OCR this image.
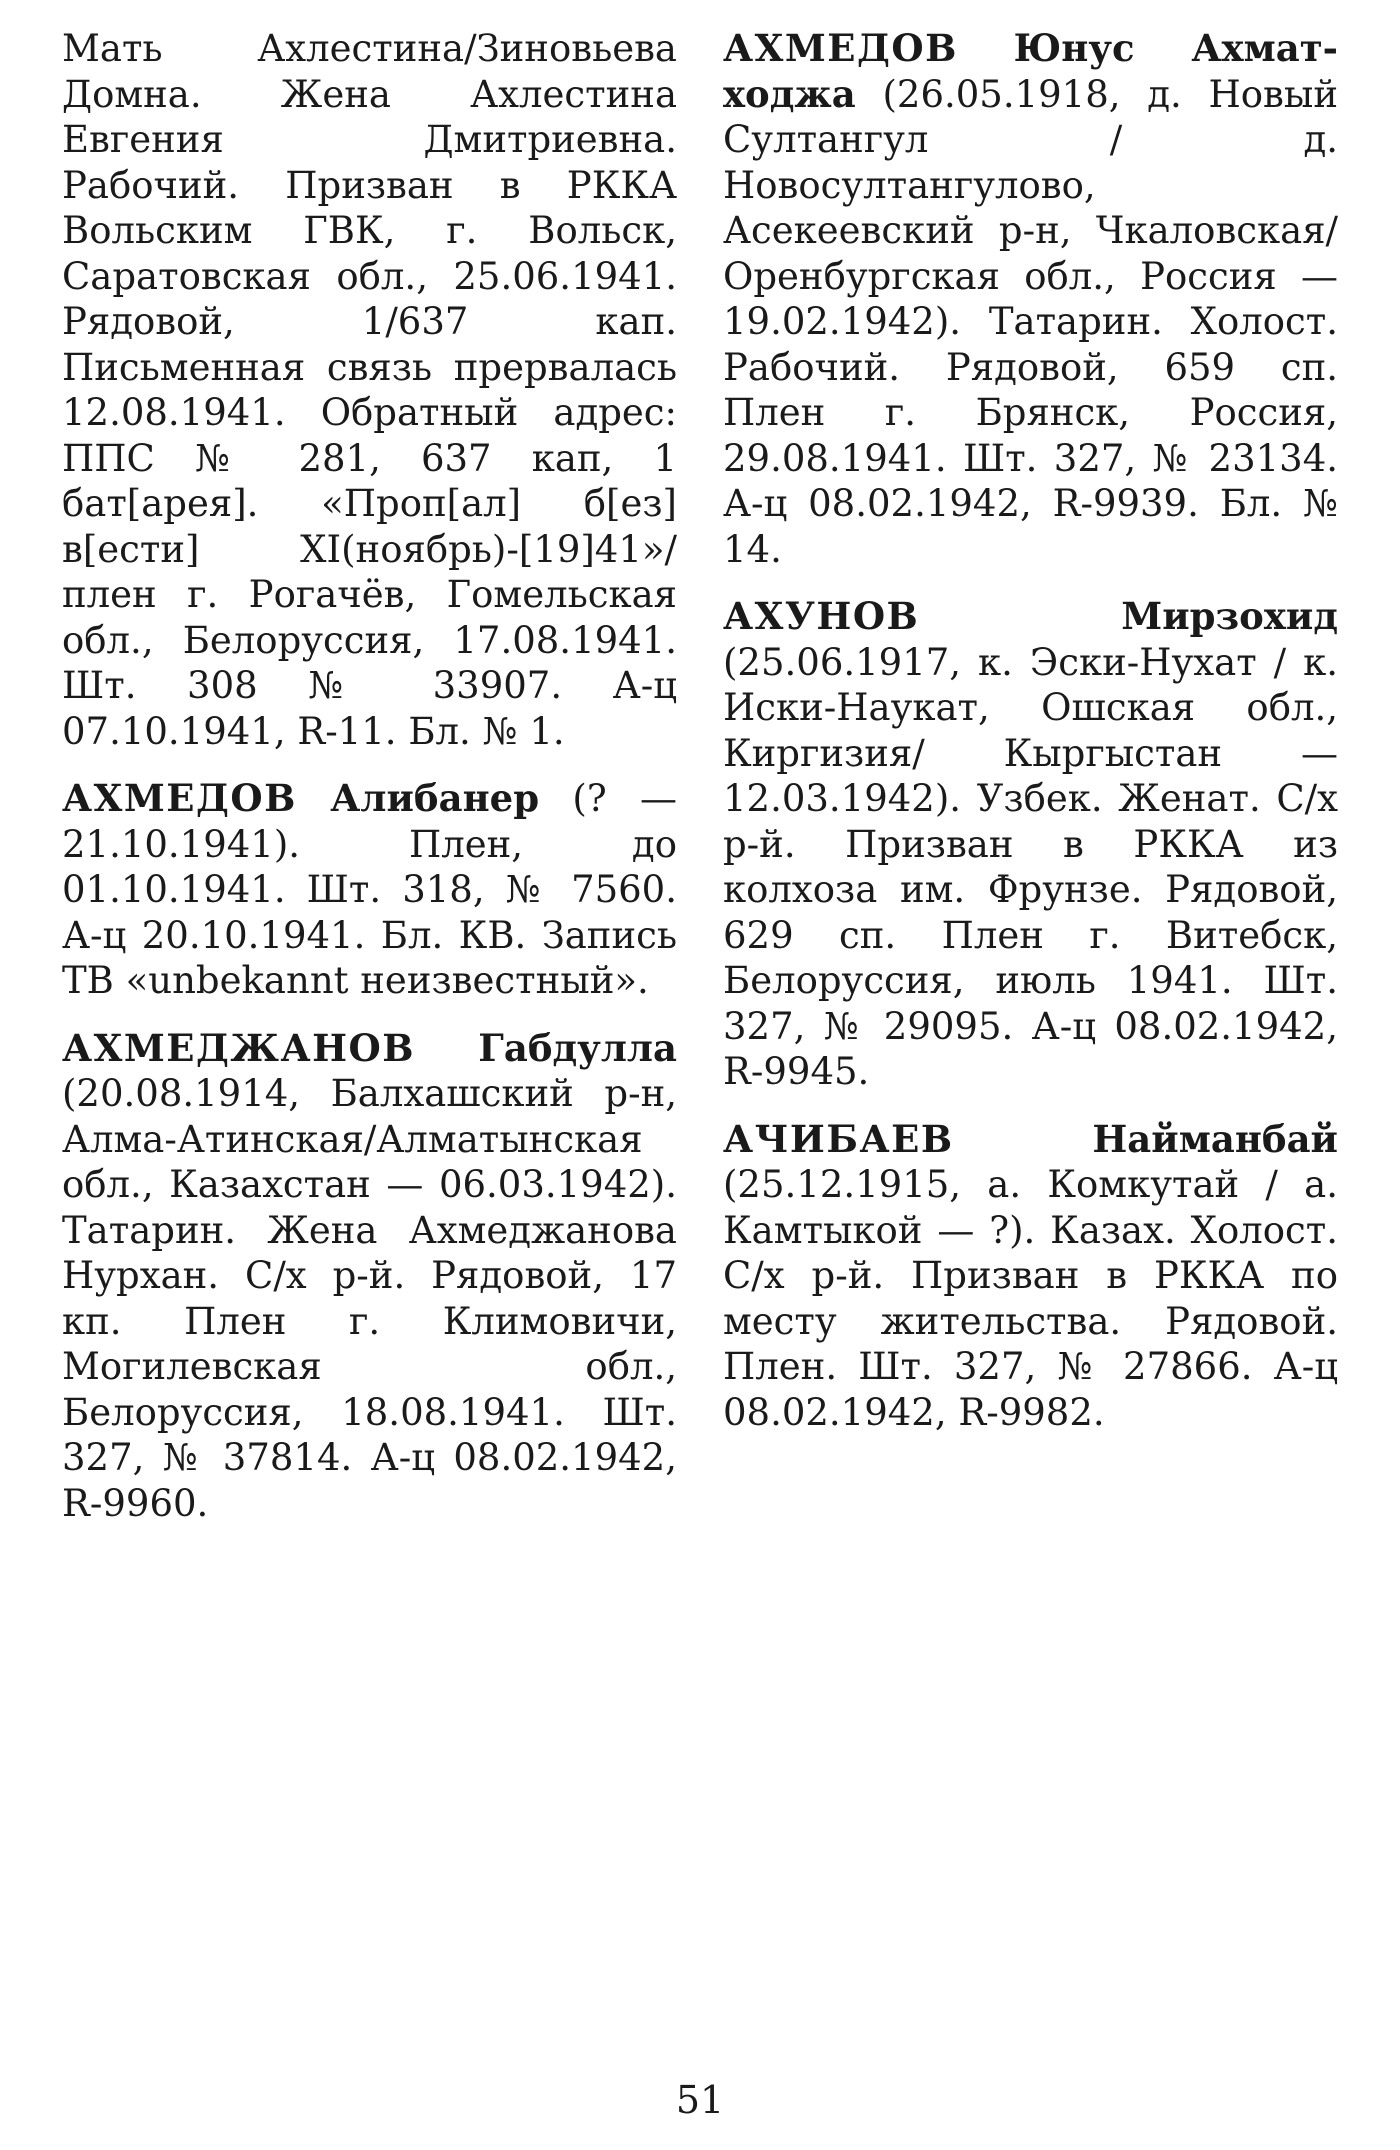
Мать Ахлестина/Зиновьева Домна. Жена Ахлестина Евгения Дмитриевна. Рабочий. Призван в РККА Вольским ГВК, г. Вольск, Саратовская обл., 25.06.1941. Рядовой, 1/637 кап. Письменная связь прервалась 12.08.1941. Обратный адрес: ППС № 281, 637 кап, 1 бат[арея]. «Проп[ал] б[ез] в[ести] XI(ноябрь)-[19]41»/плен г. Рогачёв, Гомельская обл., Белоруссия, 17.08.1941. Шт. 308 № 33907. А-ц 07.10.1941, R-11. Бл. № 1.

АХМЕДОВ Алибанер (? — 21.10.1941). Плен, до 01.10.1941. Шт. 318, № 7560. А-ц 20.10.1941. Бл. КВ. Запись ТВ «unbekannt неизвестный».

АХМЕДЖАНОВ Габдулла (20.08.1914, Балхашский р-н, Алма-Атинская/Алматынская обл., Казахстан — 06.03.1942). Татарин. Жена Ахмеджанова Нурхан. С/х р-й. Рядовой, 17 кп. Плен г. Климовичи, Могилевская обл., Белоруссия, 18.08.1941. Шт. 327, № 37814. А-ц 08.02.1942, R-9960.

АХМЕДОВ Юнус Ахмат-ходжа (26.05.1918, д. Новый Султангул / д. Новосултангулово, Асекеевский р-н, Чкаловская/ Оренбургская обл., Россия — 19.02.1942). Татарин. Холост. Рабочий. Рядовой, 659 сп. Плен г. Брянск, Россия, 29.08.1941. Шт. 327, № 23134. А-ц 08.02.1942, R-9939. Бл. № 14.

АХУНОВ	Мирзохид (25.06.1917, к. Эски-Нухат / к. Иски-Наукат, Ошская обл., Киргизия/ Кыргыстан — 12.03.1942). Узбек. Женат. С/х р-й. Призван в РККА из колхоза им. Фрунзе. Рядовой, 629 сп. Плен г. Витебск, Белоруссия, июль 1941. Шт. 327, № 29095. А-ц 08.02.1942, R-9945.

АЧИБАЕВ	Найманбай (25.12.1915, а. Комкутай / а. Камтыкой — ?). Казах. Холост. С/х р-й. Призван в РККА по месту жительства. Рядовой. Плен. Шт. 327, № 27866. А-ц 08.02.1942, R-9982.

51
